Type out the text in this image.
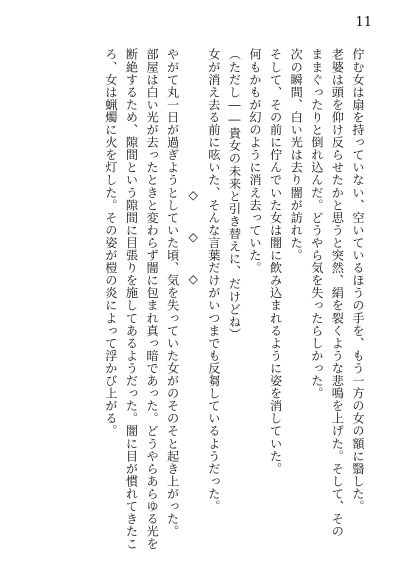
11
佇む女は扇を持っていない、空いているほうの手を、もう一方の女の額に翳した。
老婆は頭を仰け反らせたかと思うと突然、絹を裂くような悲鳴を上げた。そして、その
ままぐったりと倒れ込んだ。どうやら気を失ったらしかった。
次の瞬間、白い光は去り闇が訪れた。
そして、その前に佇んでいた女は闇に飲み込まれるように姿を消していた。
何もかもが幻のように消え去っていた。
（ただし――貴女の未来と引き替えに、だけどね）
女が消え去る前に呟いた、そんな言葉だけがいつまでも反芻しているようだった。
◇ ◇ ◇
やがて丸一日が過ぎようとしていた頃、気を失っていた女がのそのそと起き上がった。
部屋は白い光が去ったときと変わらず闇に包まれ真っ暗であった。どうやらあらゆる光を
断絶するため、隙間という隙間に目張りを施してあるようだった。闇に目が慣れてきたこ
ろ、女は蝋燭に火を灯した。その姿が榿の炎によって浮かび上がる。
